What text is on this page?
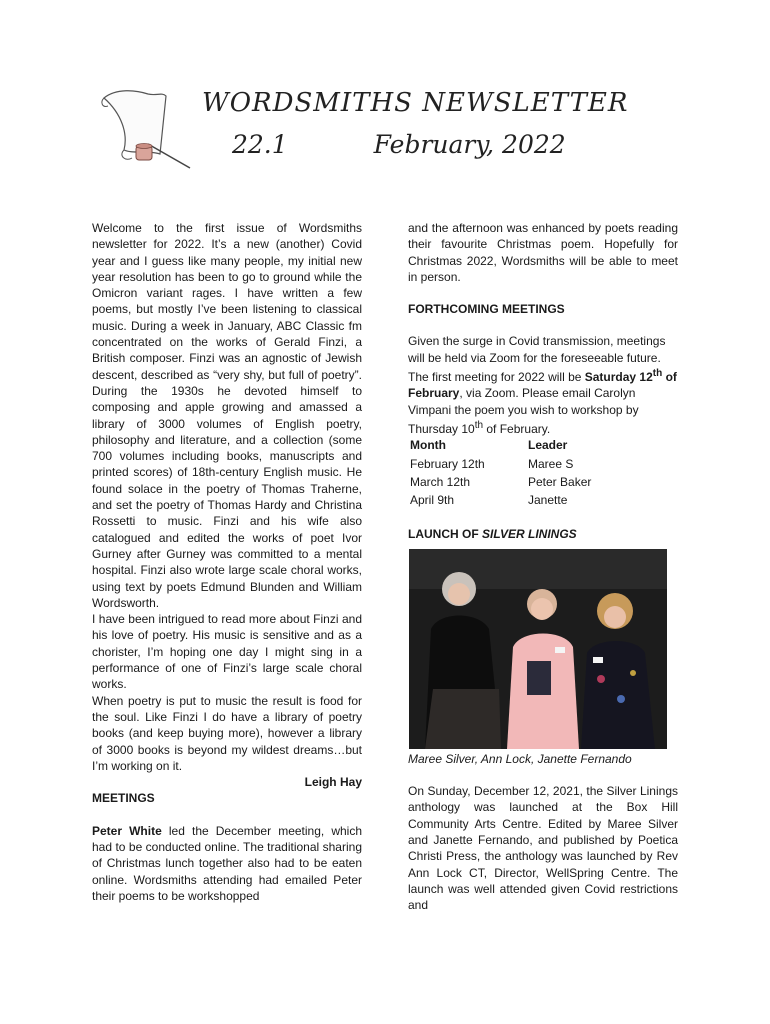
WORDSMITHS NEWSLETTER
22.1	February, 2022

Welcome to the first issue of Wordsmiths newsletter for 2022. It’s a new (another) Covid year and I guess like many people, my initial new year resolution has been to go to ground while the Omicron variant rages. I have written a few poems, but mostly I’ve been listening to classical music. During a week in January, ABC Classic fm concentrated on the works of Gerald Finzi, a British composer. Finzi was an agnostic of Jewish descent, described as “very shy, but full of poetry”. During the 1930s he devoted himself to composing and apple growing and amassed a library of 3000 volumes of English poetry, philosophy and literature, and a collection (some 700 volumes including books, manuscripts and printed scores) of 18th-century English music. He found solace in the poetry of Thomas Traherne, and set the poetry of Thomas Hardy and Christina Rossetti to music. Finzi and his wife also catalogued and edited the works of poet Ivor Gurney after Gurney was committed to a mental hospital. Finzi also wrote large scale choral works, using text by poets Edmund Blunden and William Wordsworth.

I have been intrigued to read more about Finzi and his love of poetry. His music is sensitive and as a chorister, I’m hoping one day I might sing in a performance of one of Finzi’s large scale choral works.

When poetry is put to music the result is food for the soul. Like Finzi I do have a library of poetry books (and keep buying more), however a library of 3000 books is beyond my wildest dreams…but I’m working on it.

Leigh Hay

MEETINGS

Peter White led the December meeting, which had to be conducted online. The traditional sharing of Christmas lunch together also had to be eaten online. Wordsmiths attending had emailed Peter their poems to be workshopped

and the afternoon was enhanced by poets reading their favourite Christmas poem. Hopefully for Christmas 2022, Wordsmiths will be able to meet in person.

FORTHCOMING MEETINGS

Given the surge in Covid transmission, meetings will be held via Zoom for the foreseeable future. The first meeting for 2022 will be Saturday 12th of February, via Zoom. Please email Carolyn Vimpani the poem you wish to workshop by Thursday 10th of February.

Month	Leader
February 12th	Maree S
March 12th	Peter Baker
April 9th	Janette

LAUNCH OF SILVER LININGS

Maree Silver, Ann Lock, Janette Fernando

On Sunday, December 12, 2021, the Silver Linings anthology was launched at the Box Hill Community Arts Centre. Edited by Maree Silver and Janette Fernando, and published by Poetica Christi Press, the anthology was launched by Rev Ann Lock CT, Director, WellSpring Centre. The launch was well attended given Covid restrictions and
